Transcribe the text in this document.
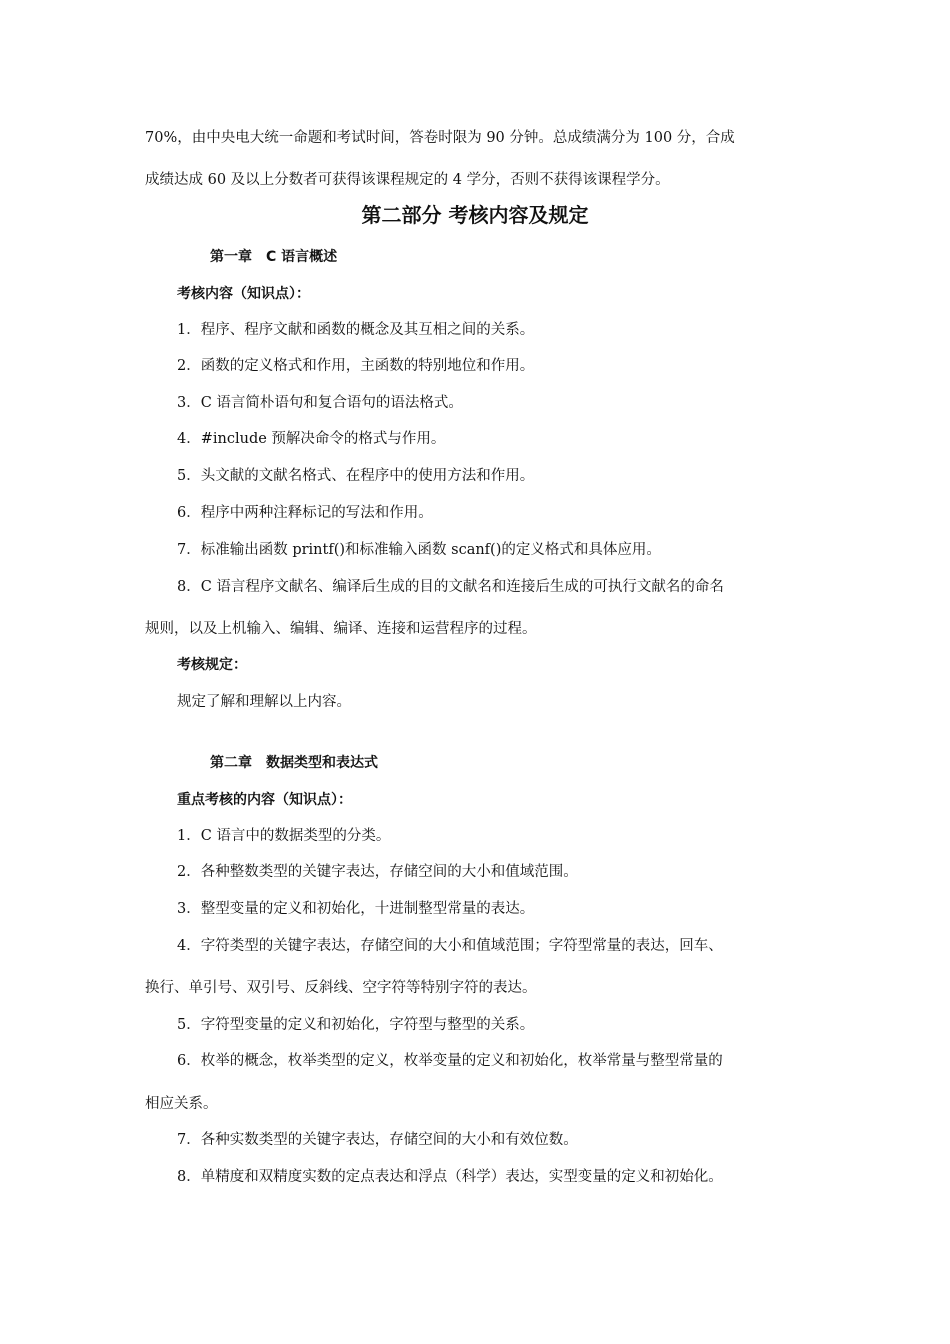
70%，由中央电大统一命题和考试时间，答卷时限为 90 分钟。总成绩满分为 100 分，合成
成绩达成 60 及以上分数者可获得该课程规定的 4 学分，否则不获得该课程学分。
第二部分 考核内容及规定
第一章　C 语言概述
考核内容（知识点）：
1．程序、程序文献和函数的概念及其互相之间的关系。
2．函数的定义格式和作用，主函数的特别地位和作用。
3．C 语言简朴语句和复合语句的语法格式。
4．#include 预解决命令的格式与作用。
5．头文献的文献名格式、在程序中的使用方法和作用。
6．程序中两种注释标记的写法和作用。
7．标准输出函数 printf()和标准输入函数 scanf()的定义格式和具体应用。
8．C 语言程序文献名、编译后生成的目的文献名和连接后生成的可执行文献名的命名
规则，以及上机输入、编辑、编译、连接和运营程序的过程。
考核规定：
规定了解和理解以上内容。
第二章　数据类型和表达式
重点考核的内容（知识点）：
1．C 语言中的数据类型的分类。
2．各种整数类型的关键字表达，存储空间的大小和值域范围。
3．整型变量的定义和初始化，十进制整型常量的表达。
4．字符类型的关键字表达，存储空间的大小和值域范围；字符型常量的表达，回车、
换行、单引号、双引号、反斜线、空字符等特别字符的表达。
5．字符型变量的定义和初始化，字符型与整型的关系。
6．枚举的概念，枚举类型的定义，枚举变量的定义和初始化，枚举常量与整型常量的
相应关系。
7．各种实数类型的关键字表达，存储空间的大小和有效位数。
8．单精度和双精度实数的定点表达和浮点（科学）表达，实型变量的定义和初始化。
